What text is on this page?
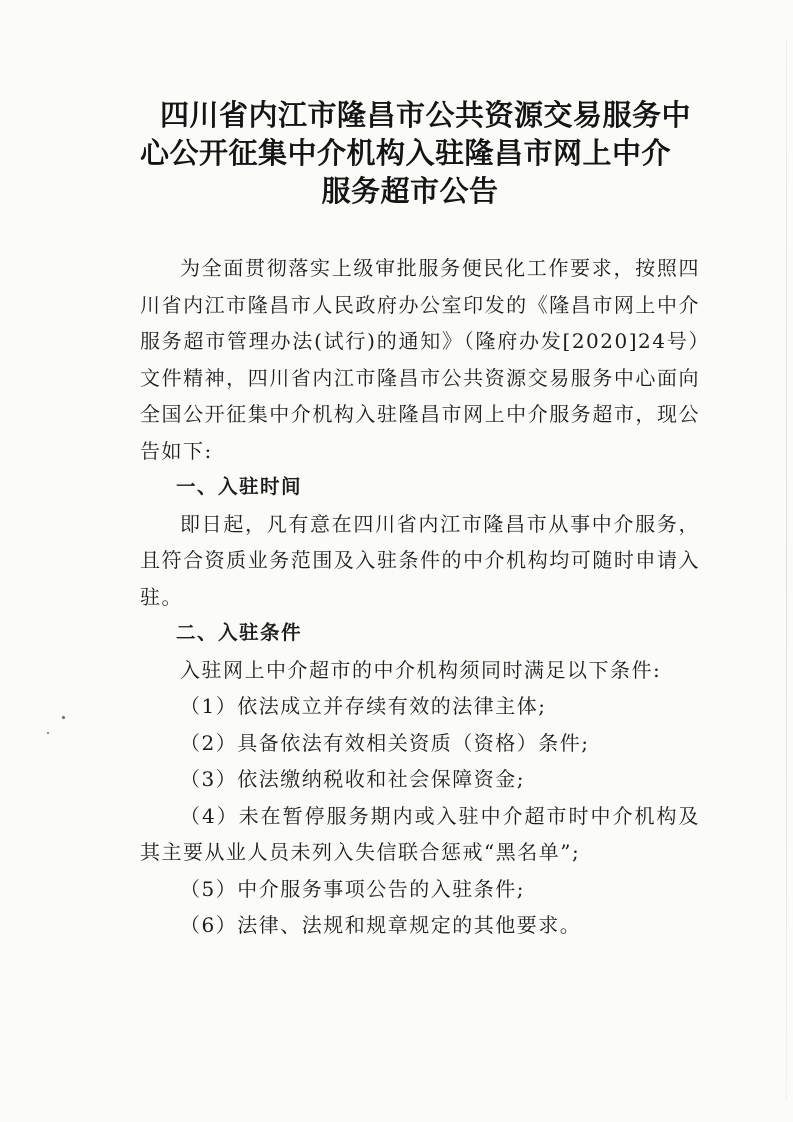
四川省内江市隆昌市公共资源交易服务中
心公开征集中介机构入驻隆昌市网上中介
服务超市公告

为全面贯彻落实上级审批服务便民化工作要求，按照四川省内江市隆昌市人民政府办公室印发的《隆昌市网上中介服务超市管理办法(试行)的通知》（隆府办发[2020]24号）文件精神，四川省内江市隆昌市公共资源交易服务中心面向全国公开征集中介机构入驻隆昌市网上中介服务超市，现公告如下:

一、入驻时间

即日起，凡有意在四川省内江市隆昌市从事中介服务，且符合资质业务范围及入驻条件的中介机构均可随时申请入驻。

二、入驻条件

入驻网上中介超市的中介机构须同时满足以下条件:

（1）依法成立并存续有效的法律主体;

（2）具备依法有效相关资质（资格）条件;

（3）依法缴纳税收和社会保障资金;

（4）未在暂停服务期内或入驻中介超市时中介机构及其主要从业人员未列入失信联合惩戒“黑名单”;

（5）中介服务事项公告的入驻条件;

（6）法律、法规和规章规定的其他要求。
